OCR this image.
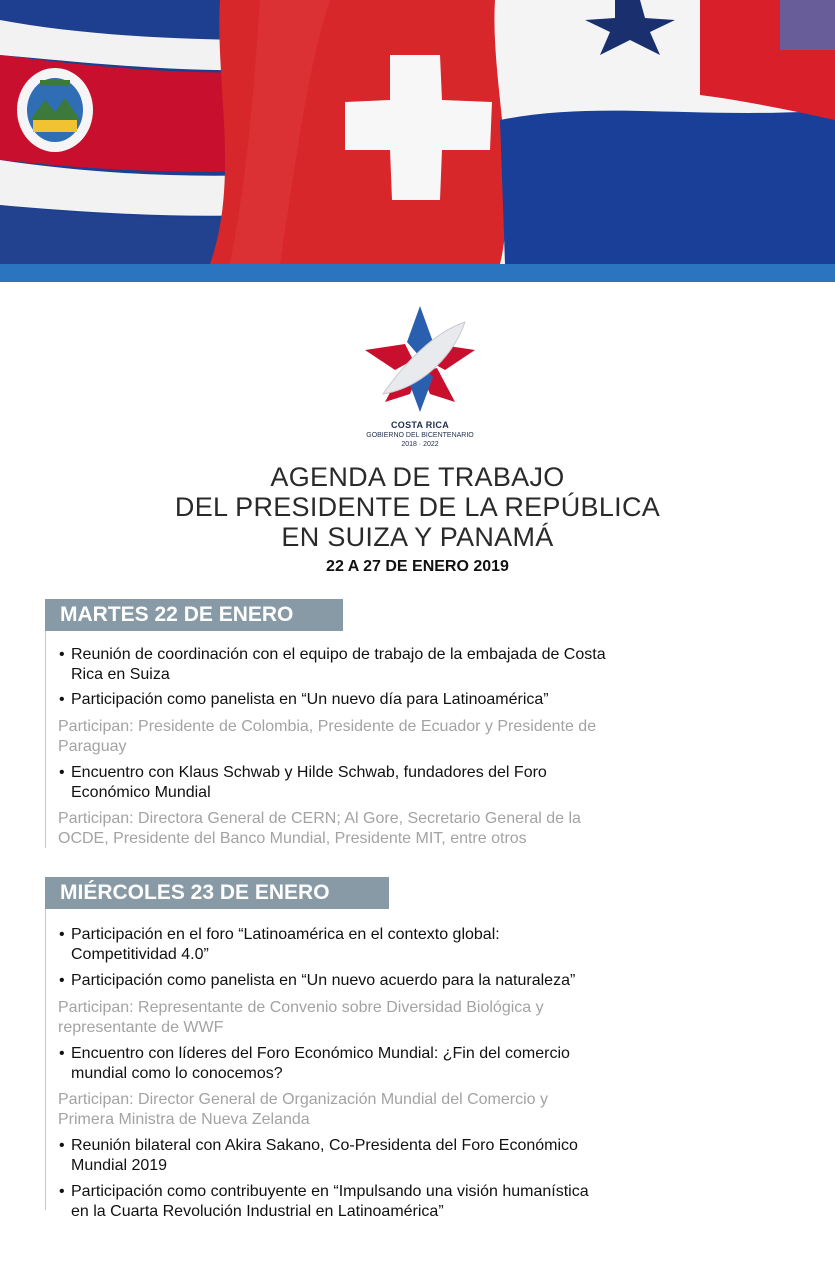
COSTA RICA
GOBIERNO DEL BICENTENARIO
2018 · 2022
AGENDA DE TRABAJO
DEL PRESIDENTE DE LA REPÚBLICA
EN SUIZA Y PANAMÁ
22 A 27 DE ENERO 2019
MARTES 22 DE ENERO
• Reunión de coordinación con el equipo de trabajo de la embajada de Costa
Rica en Suiza
• Participación como panelista en “Un nuevo día para Latinoamérica”
Participan: Presidente de Colombia, Presidente de Ecuador y Presidente de
Paraguay
• Encuentro con Klaus Schwab y Hilde Schwab, fundadores del Foro
Económico Mundial
Participan: Directora General de CERN; Al Gore, Secretario General de la
OCDE, Presidente del Banco Mundial, Presidente MIT, entre otros
MIÉRCOLES 23 DE ENERO
• Participación en el foro “Latinoamérica en el contexto global:
Competitividad 4.0”
• Participación como panelista en “Un nuevo acuerdo para la naturaleza”
Participan: Representante de Convenio sobre Diversidad Biológica y
representante de WWF
• Encuentro con líderes del Foro Económico Mundial: ¿Fin del comercio
mundial como lo conocemos?
Participan: Director General de Organización Mundial del Comercio y
Primera Ministra de Nueva Zelanda
• Reunión bilateral con Akira Sakano, Co-Presidenta del Foro Económico
Mundial 2019
• Participación como contribuyente en “Impulsando una visión humanística
en la Cuarta Revolución Industrial en Latinoamérica”
